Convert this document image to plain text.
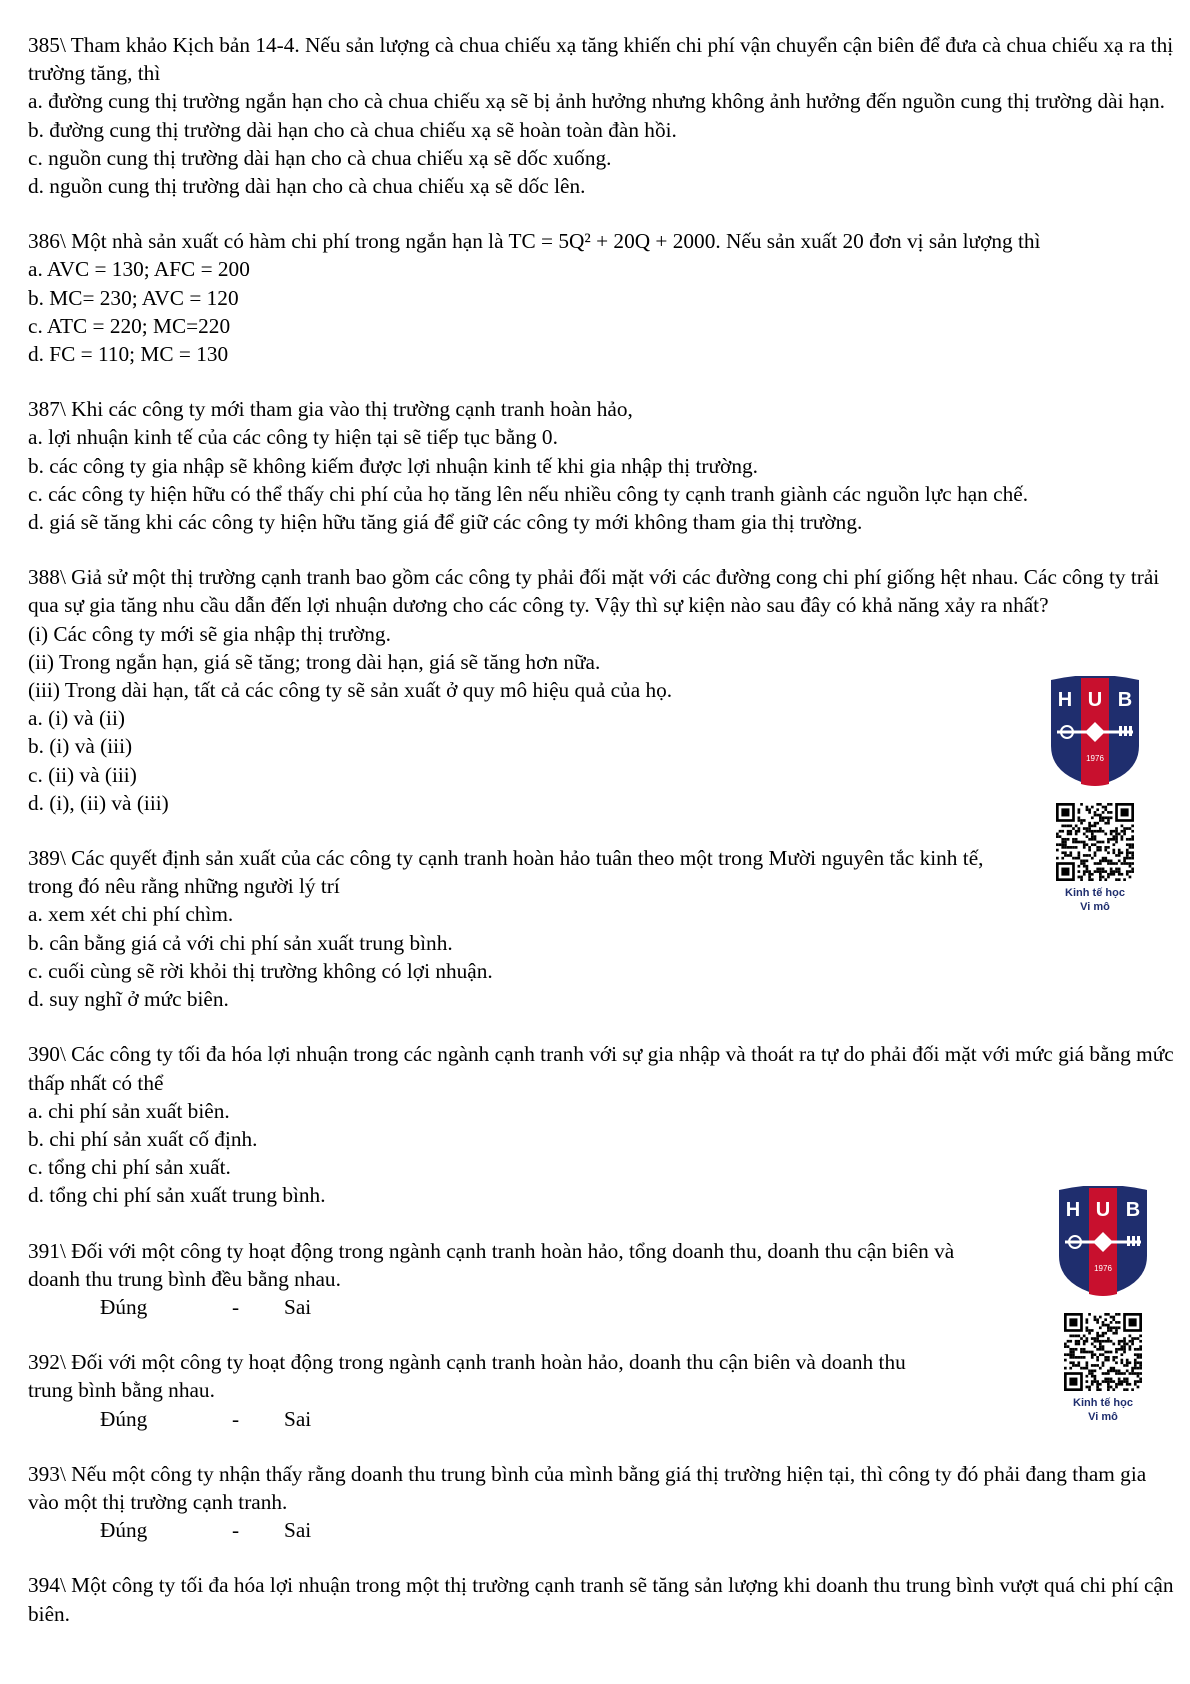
385\ Tham khảo Kịch bản 14-4. Nếu sản lượng cà chua chiếu xạ tăng khiến chi phí vận chuyển cận biên để đưa cà chua chiếu xạ ra thị trường tăng, thì

a. đường cung thị trường ngắn hạn cho cà chua chiếu xạ sẽ bị ảnh hưởng nhưng không ảnh hưởng đến nguồn cung thị trường dài hạn.

b. đường cung thị trường dài hạn cho cà chua chiếu xạ sẽ hoàn toàn đàn hồi.

c. nguồn cung thị trường dài hạn cho cà chua chiếu xạ sẽ dốc xuống.

d. nguồn cung thị trường dài hạn cho cà chua chiếu xạ sẽ dốc lên.

386\ Một nhà sản xuất có hàm chi phí trong ngắn hạn là TC = 5Q² + 20Q + 2000. Nếu sản xuất 20 đơn vị sản lượng thì

a. AVC = 130; AFC = 200

b. MC= 230; AVC = 120

c. ATC = 220; MC=220

d. FC = 110; MC = 130

387\ Khi các công ty mới tham gia vào thị trường cạnh tranh hoàn hảo,

a. lợi nhuận kinh tế của các công ty hiện tại sẽ tiếp tục bằng 0.

b. các công ty gia nhập sẽ không kiếm được lợi nhuận kinh tế khi gia nhập thị trường.

c. các công ty hiện hữu có thể thấy chi phí của họ tăng lên nếu nhiều công ty cạnh tranh giành các nguồn lực hạn chế.

d. giá sẽ tăng khi các công ty hiện hữu tăng giá để giữ các công ty mới không tham gia thị trường.

388\ Giả sử một thị trường cạnh tranh bao gồm các công ty phải đối mặt với các đường cong chi phí giống hệt nhau. Các công ty trải qua sự gia tăng nhu cầu dẫn đến lợi nhuận dương cho các công ty. Vậy thì sự kiện nào sau đây có khả năng xảy ra nhất?

(i) Các công ty mới sẽ gia nhập thị trường.

(ii) Trong ngắn hạn, giá sẽ tăng; trong dài hạn, giá sẽ tăng hơn nữa.

(iii) Trong dài hạn, tất cả các công ty sẽ sản xuất ở quy mô hiệu quả của họ.

a. (i) và (ii)

b. (i) và (iii)

c. (ii) và (iii)

d. (i), (ii) và (iii)

389\ Các quyết định sản xuất của các công ty cạnh tranh hoàn hảo tuân theo một trong Mười nguyên tắc kinh tế, trong đó nêu rằng những người lý trí

a. xem xét chi phí chìm.

b. cân bằng giá cả với chi phí sản xuất trung bình.

c. cuối cùng sẽ rời khỏi thị trường không có lợi nhuận.

d. suy nghĩ ở mức biên.

390\ Các công ty tối đa hóa lợi nhuận trong các ngành cạnh tranh với sự gia nhập và thoát ra tự do phải đối mặt với mức giá bằng mức thấp nhất có thể

a. chi phí sản xuất biên.

b. chi phí sản xuất cố định.

c. tổng chi phí sản xuất.

d. tổng chi phí sản xuất trung bình.

391\ Đối với một công ty hoạt động trong ngành cạnh tranh hoàn hảo, tổng doanh thu, doanh thu cận biên và doanh thu trung bình đều bằng nhau.

Đúng	-	Sai

392\ Đối với một công ty hoạt động trong ngành cạnh tranh hoàn hảo, doanh thu cận biên và doanh thu trung bình bằng nhau.

Đúng	-	Sai

393\ Nếu một công ty nhận thấy rằng doanh thu trung bình của mình bằng giá thị trường hiện tại, thì công ty đó phải đang tham gia vào một thị trường cạnh tranh.

Đúng	-	Sai

394\ Một công ty tối đa hóa lợi nhuận trong một thị trường cạnh tranh sẽ tăng sản lượng khi doanh thu trung bình vượt quá chi phí cận biên.

H U B
1976

Kinh tế học
Vi mô
H U B
1976

Kinh tế học
Vi mô
